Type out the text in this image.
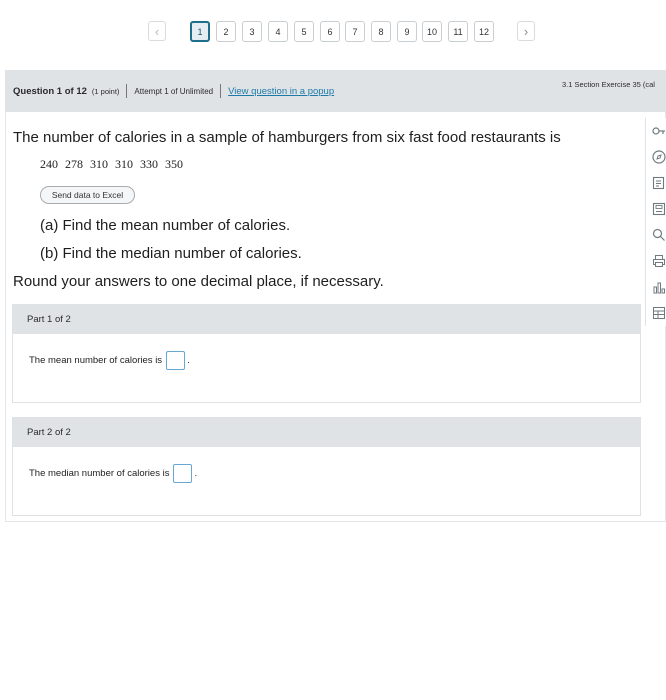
‹	1	2	3	4	5	6	7	8	9	10	11	12	›
Question 1 of 12 (1 point) Attempt 1 of Unlimited View question in a popup
3.1 Section Exercise 35 (cal
The number of calories in a sample of hamburgers from six fast food restaurants is
240 278 310 310 330 350
Send data to Excel
(a) Find the mean number of calories.
(b) Find the median number of calories.
Round your answers to one decimal place, if necessary.
Part 1 of 2
The mean number of calories is	.
Part 2 of 2
The median number of calories is	.
